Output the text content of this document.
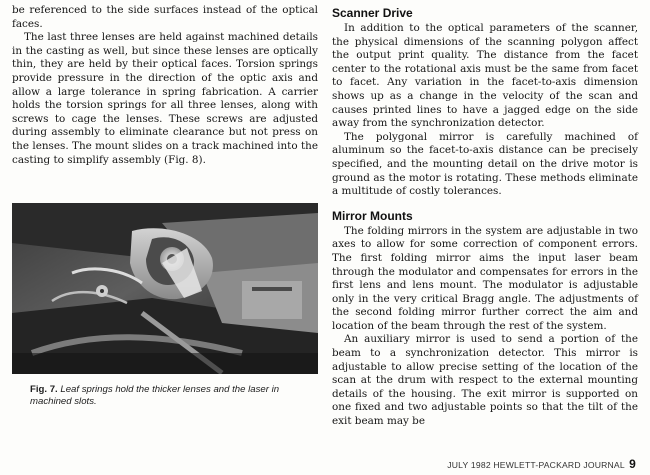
be referenced to the side surfaces instead of the optical faces.

The last three lenses are held against machined details in the casting as well, but since these lenses are optically thin, they are held by their optical faces. Torsion springs provide pressure in the direction of the optic axis and allow a large tolerance in spring fabrication. A carrier holds the torsion springs for all three lenses, along with screws to cage the lenses. These screws are adjusted during assembly to eliminate clearance but not press on the lenses. The mount slides on a track machined into the casting to simplify assembly (Fig. 8).

Fig. 7. Leaf springs hold the thicker lenses and the laser in machined slots.
Scanner Drive

In addition to the optical parameters of the scanner, the physical dimensions of the scanning polygon affect the output print quality. The distance from the facet center to the rotational axis must be the same from facet to facet. Any variation in the facet-to-axis dimension shows up as a change in the velocity of the scan and causes printed lines to have a jagged edge on the side away from the synchronization detector.

The polygonal mirror is carefully machined of aluminum so the facet-to-axis distance can be precisely specified, and the mounting detail on the drive motor is ground as the motor is rotating. These methods eliminate a multitude of costly tolerances.

Mirror Mounts

The folding mirrors in the system are adjustable in two axes to allow for some correction of component errors. The first folding mirror aims the input laser beam through the modulator and compensates for errors in the first lens and lens mount. The modulator is adjustable only in the very critical Bragg angle. The adjustments of the second folding mirror further correct the aim and location of the beam through the rest of the system.

An auxiliary mirror is used to send a portion of the beam to a synchronization detector. This mirror is adjustable to allow precise setting of the location of the scan at the drum with respect to the external mounting details of the housing. The exit mirror is supported on one fixed and two adjustable points so that the tilt of the exit beam may be

JULY 1982 HEWLETT-PACKARD JOURNAL 9
